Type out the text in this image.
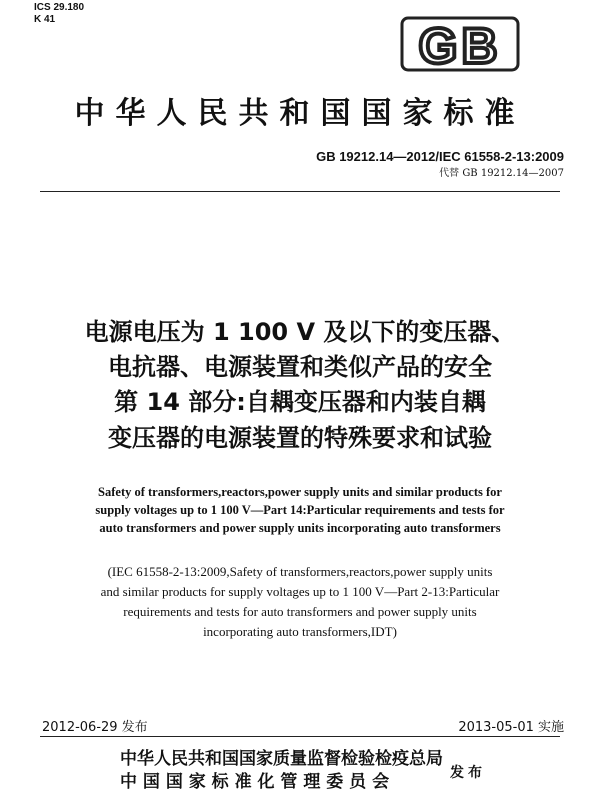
ICS 29.180
K 41	GB
中华人民共和国国家标准
GB 19212.14—2012/IEC 61558-2-13:2009
代替 GB 19212.14—2007
电源电压为 1 100 V 及以下的变压器、
电抗器、电源装置和类似产品的安全
第 14 部分:自耦变压器和内装自耦
变压器的电源装置的特殊要求和试验
Safety of transformers,reactors,power supply units and similar products for
supply voltages up to 1 100 V—Part 14:Particular requirements and tests for
auto transformers and power supply units incorporating auto transformers
(IEC 61558-2-13:2009,Safety of transformers,reactors,power supply units
and similar products for supply voltages up to 1 100 V—Part 2-13:Particular
requirements and tests for auto transformers and power supply units
incorporating auto transformers,IDT)
2012-06-29 发布	2013-05-01 实施
中华人民共和国国家质量监督检验检疫总局
中 国 国 家 标 准 化 管 理 委 员 会	发布
